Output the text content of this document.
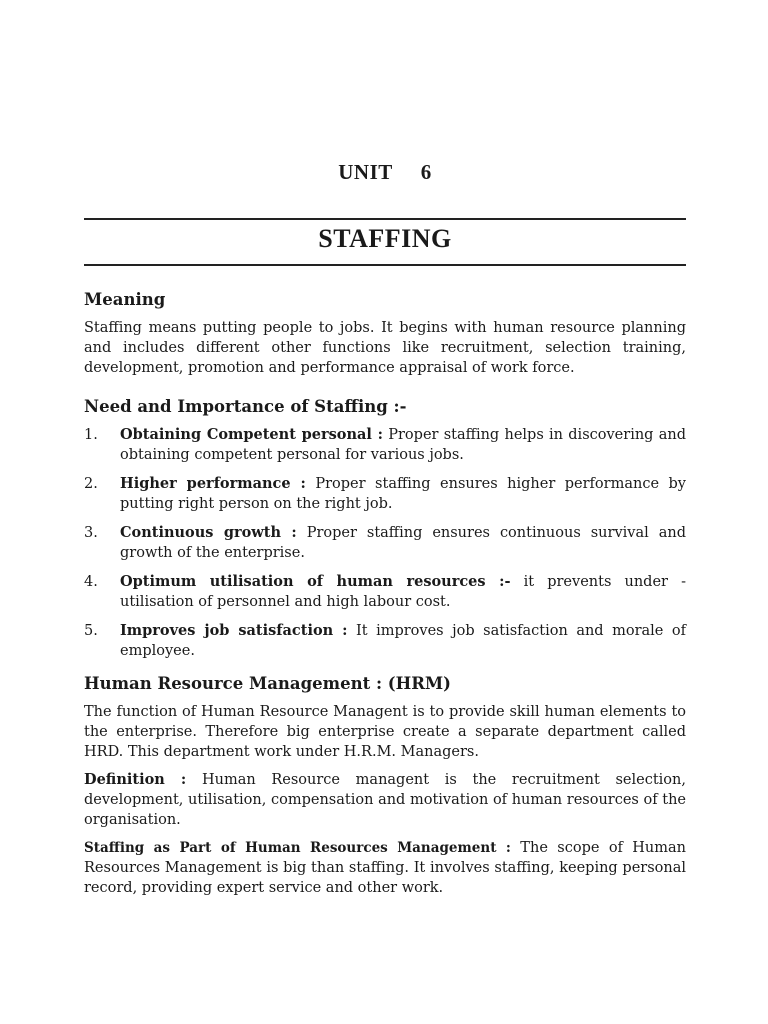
UNIT 6
STAFFING
Meaning

Staffing means putting people to jobs. It begins with human resource planning and includes different other functions like recruitment, selection training, development, promotion and performance appraisal of work force.

Need and Importance of Staffing :-
1.	Obtaining Competent personal : Proper staffing helps in discovering and obtaining competent personal for various jobs.
2.	Higher performance : Proper staffing ensures higher performance by putting right person on the right job.
3.	Continuous growth : Proper staffing ensures continuous survival and growth of the enterprise.
4.	Optimum utilisation of human resources :- it prevents under - utilisation of personnel and high labour cost.
5.	Improves job satisfaction : It improves job satisfaction and morale of employee.
Human Resource Management : (HRM)

The function of Human Resource Managent is to provide skill human elements to the enterprise. Therefore big enterprise create a separate department called HRD. This department work under H.R.M. Managers.

Definition : Human Resource managent is the recruitment selection, development, utilisation, compensation and motivation of human resources of the organisation.

Staffing as Part of Human Resources Management : The scope of Human Resources Management is big than staffing. It involves staffing, keeping personal record, providing expert service and other work.
